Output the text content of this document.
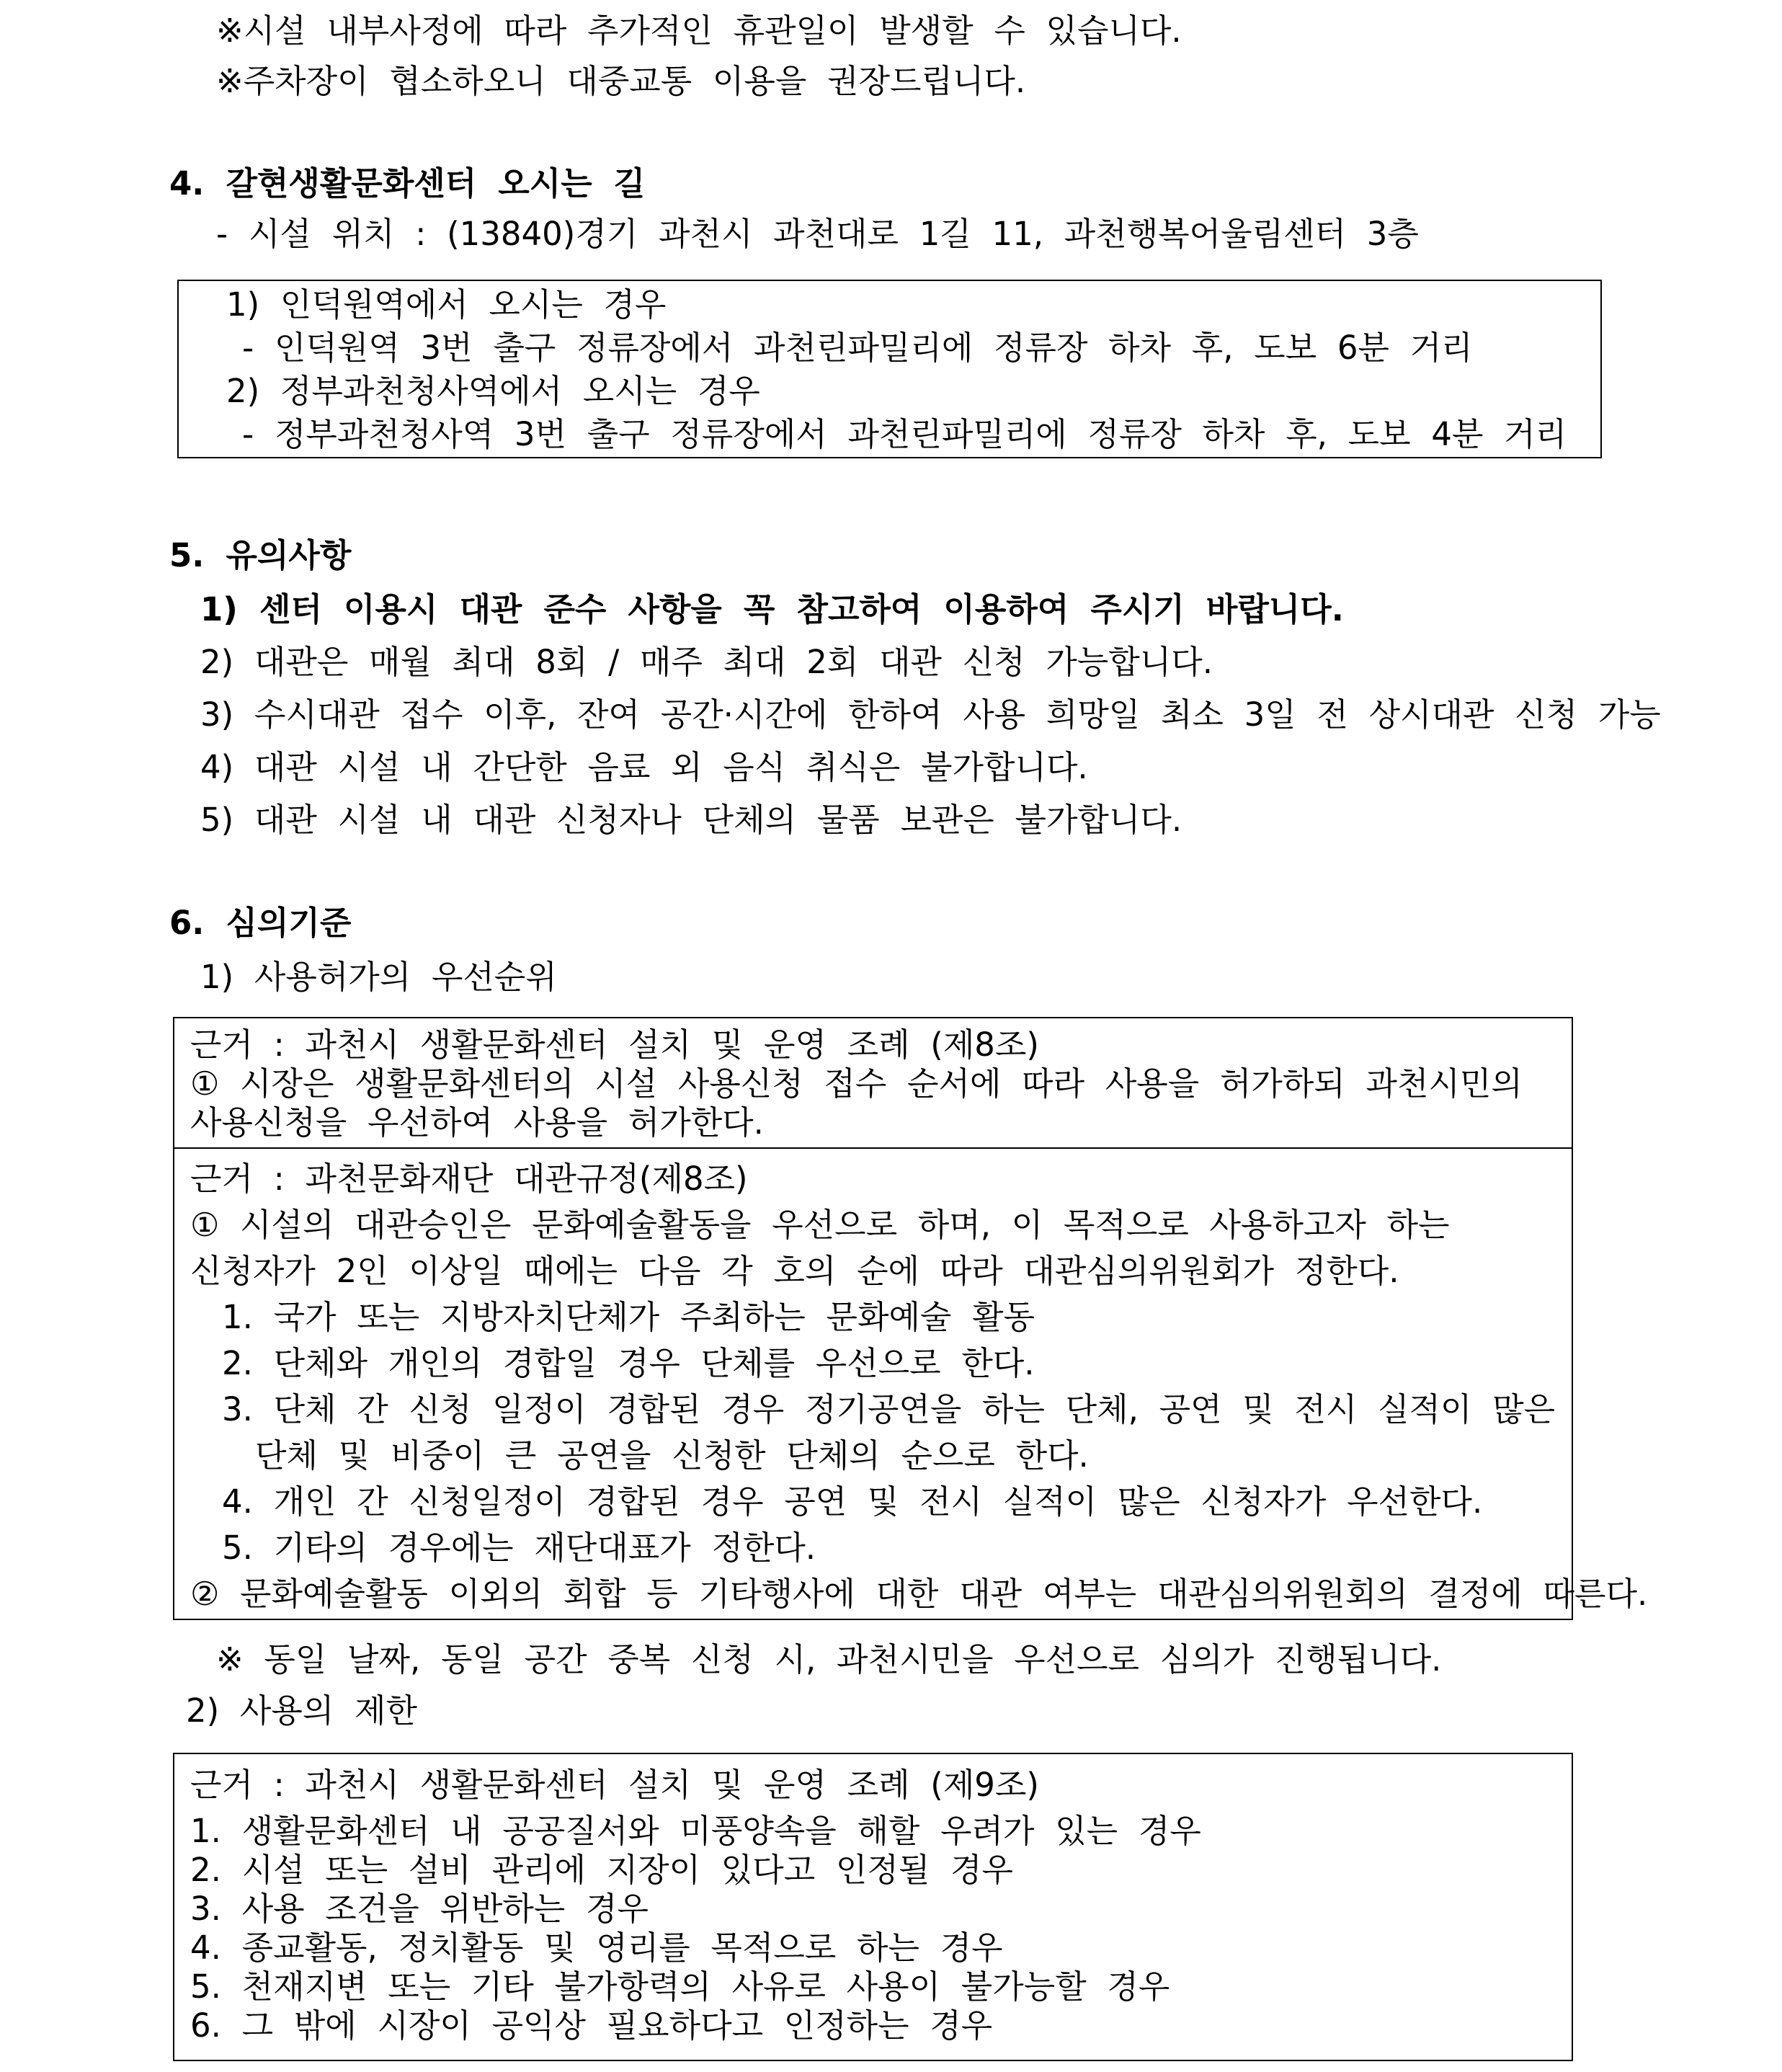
※시설 내부사정에 따라 추가적인 휴관일이 발생할 수 있습니다.
※주차장이 협소하오니 대중교통 이용을 권장드립니다.
4. 갈현생활문화센터 오시는 길
- 시설 위치 : (13840)경기 과천시 과천대로 1길 11, 과천행복어울림센터 3층
1) 인덕원역에서 오시는 경우
- 인덕원역 3번 출구 정류장에서 과천린파밀리에 정류장 하차 후, 도보 6분 거리
2) 정부과천청사역에서 오시는 경우
- 정부과천청사역 3번 출구 정류장에서 과천린파밀리에 정류장 하차 후, 도보 4분 거리
5. 유의사항
1) 센터 이용시 대관 준수 사항을 꼭 참고하여 이용하여 주시기 바랍니다.
2) 대관은 매월 최대 8회 / 매주 최대 2회 대관 신청 가능합니다.
3) 수시대관 접수 이후, 잔여 공간·시간에 한하여 사용 희망일 최소 3일 전 상시대관 신청 가능
4) 대관 시설 내 간단한 음료 외 음식 취식은 불가합니다.
5) 대관 시설 내 대관 신청자나 단체의 물품 보관은 불가합니다.
6. 심의기준
1) 사용허가의 우선순위
근거 : 과천시 생활문화센터 설치 및 운영 조례 (제8조)
① 시장은 생활문화센터의 시설 사용신청 접수 순서에 따라 사용을 허가하되 과천시민의
사용신청을 우선하여 사용을 허가한다.
근거 : 과천문화재단 대관규정(제8조)
① 시설의 대관승인은 문화예술활동을 우선으로 하며, 이 목적으로 사용하고자 하는
신청자가 2인 이상일 때에는 다음 각 호의 순에 따라 대관심의위원회가 정한다.
1. 국가 또는 지방자치단체가 주최하는 문화예술 활동
2. 단체와 개인의 경합일 경우 단체를 우선으로 한다.
3. 단체 간 신청 일정이 경합된 경우 정기공연을 하는 단체, 공연 및 전시 실적이 많은
단체 및 비중이 큰 공연을 신청한 단체의 순으로 한다.
4. 개인 간 신청일정이 경합된 경우 공연 및 전시 실적이 많은 신청자가 우선한다.
5. 기타의 경우에는 재단대표가 정한다.
② 문화예술활동 이외의 회합 등 기타행사에 대한 대관 여부는 대관심의위원회의 결정에 따른다.
※ 동일 날짜, 동일 공간 중복 신청 시, 과천시민을 우선으로 심의가 진행됩니다.
2) 사용의 제한
근거 : 과천시 생활문화센터 설치 및 운영 조례 (제9조)
1. 생활문화센터 내 공공질서와 미풍양속을 해할 우려가 있는 경우
2. 시설 또는 설비 관리에 지장이 있다고 인정될 경우
3. 사용 조건을 위반하는 경우
4. 종교활동, 정치활동 및 영리를 목적으로 하는 경우
5. 천재지변 또는 기타 불가항력의 사유로 사용이 불가능할 경우
6. 그 밖에 시장이 공익상 필요하다고 인정하는 경우
